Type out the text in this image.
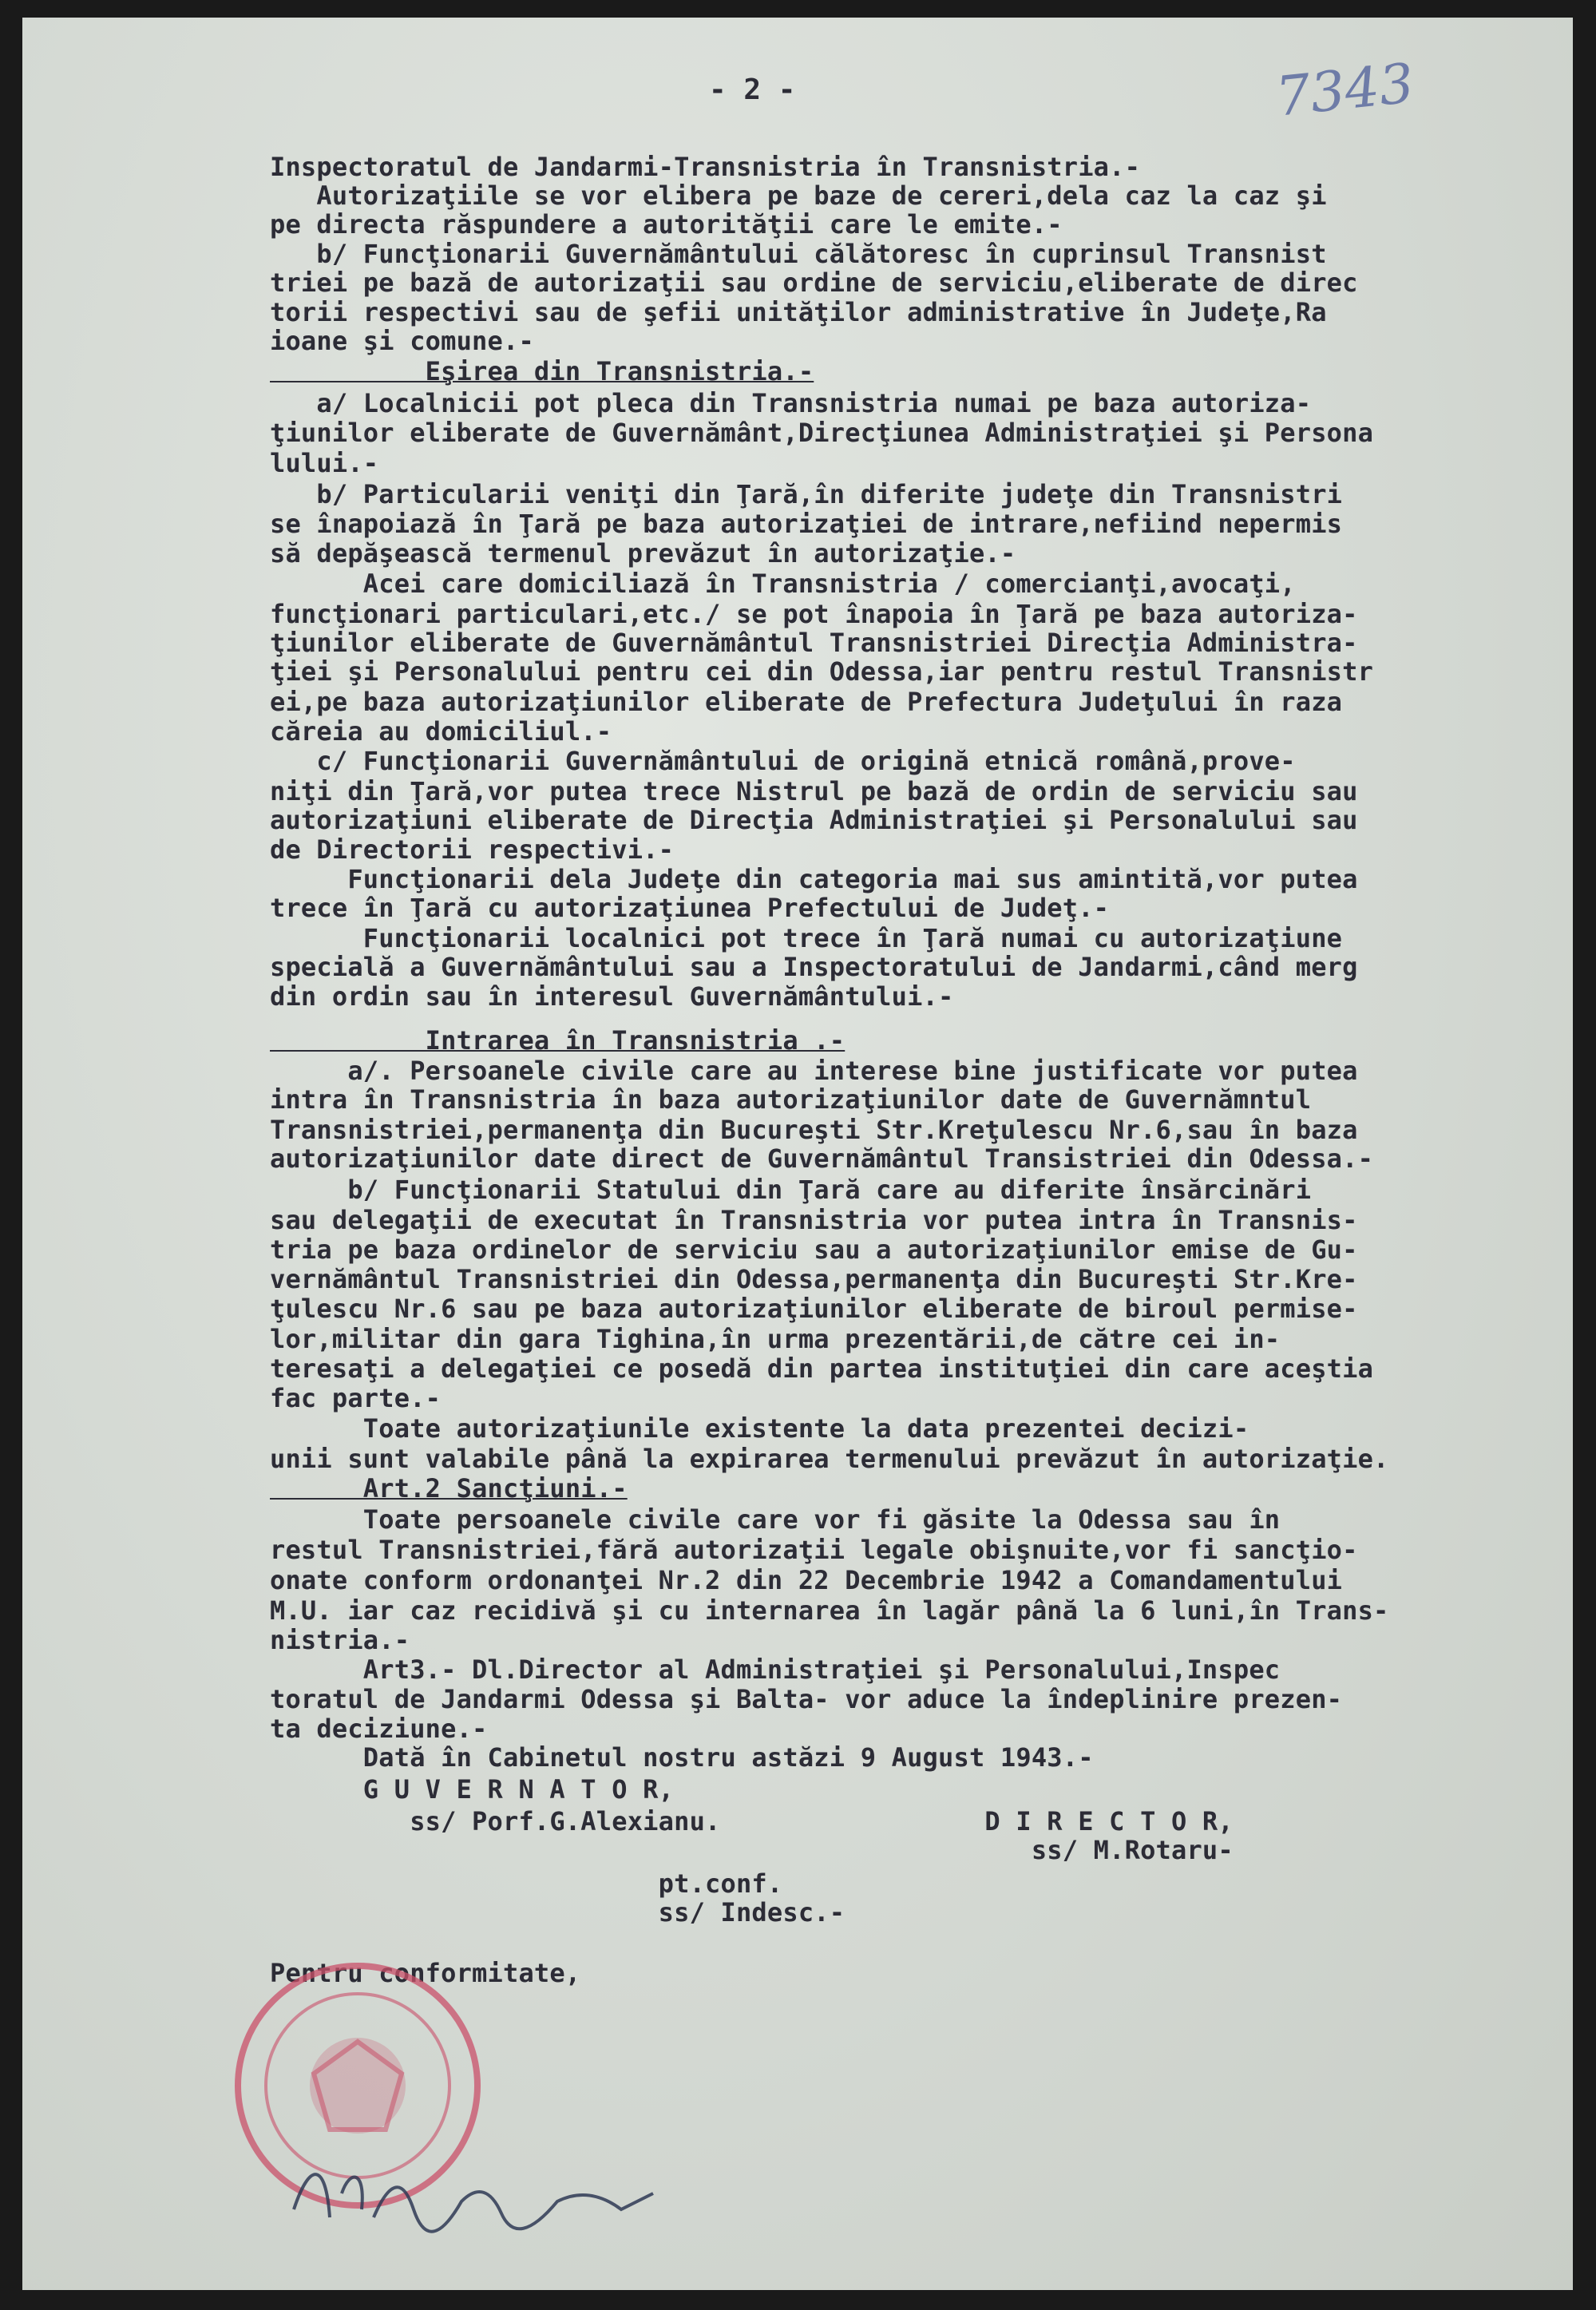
- 2 -	7343
Inspectoratul de Jandarmi-Transnistria în Transnistria.-
Autorizaţiile se vor elibera pe baze de cereri,dela caz la caz şi
pe directa răspundere a autorităţii care le emite.-
b/ Funcţionarii Guvernământului călătoresc în cuprinsul Transnist
triei pe bază de autorizaţii sau ordine de serviciu,eliberate de direc
torii respectivi sau de şefii unităţilor administrative în Judeţe,Ra
ioane şi comune.-
Eşirea din Transnistria.-
a/ Localnicii pot pleca din Transnistria numai pe baza autoriza-
ţiunilor eliberate de Guvernământ,Direcţiunea Administraţiei şi Persona
lului.-
b/ Particularii veniţi din Ţară,în diferite judeţe din Transnistri
se înapoiază în Ţară pe baza autorizaţiei de intrare,nefiind nepermis
să depăşească termenul prevăzut în autorizaţie.-
Acei care domiciliază în Transnistria / comercianţi,avocaţi,
funcţionari particulari,etc./ se pot înapoia în Ţară pe baza autoriza-
ţiunilor eliberate de Guvernământul Transnistriei Direcţia Administra-
ţiei şi Personalului pentru cei din Odessa,iar pentru restul Transnistr
ei,pe baza autorizaţiunilor eliberate de Prefectura Judeţului în raza
căreia au domiciliul.-
c/ Funcţionarii Guvernământului de origină etnică română,prove-
niţi din Ţară,vor putea trece Nistrul pe bază de ordin de serviciu sau
autorizaţiuni eliberate de Direcţia Administraţiei şi Personalului sau
de Directorii respectivi.-
Funcţionarii dela Judeţe din categoria mai sus amintită,vor putea
trece în Ţară cu autorizaţiunea Prefectului de Judeţ.-
Funcţionarii localnici pot trece în Ţară numai cu autorizaţiune
specială a Guvernământului sau a Inspectoratului de Jandarmi,când merg
din ordin sau în interesul Guvernământului.-
Intrarea în Transnistria .-
a/. Persoanele civile care au interese bine justificate vor putea
intra în Transnistria în baza autorizaţiunilor date de Guvernămntul
Transnistriei,permanenţa din Bucureşti Str.Kreţulescu Nr.6,sau în baza
autorizaţiunilor date direct de Guvernământul Transistriei din Odessa.-
b/ Funcţionarii Statului din Ţară care au diferite însărcinări
sau delegaţii de executat în Transnistria vor putea intra în Transnis-
tria pe baza ordinelor de serviciu sau a autorizaţiunilor emise de Gu-
vernământul Transnistriei din Odessa,permanenţa din Bucureşti Str.Kre-
ţulescu Nr.6 sau pe baza autorizaţiunilor eliberate de biroul permise-
lor,militar din gara Tighina,în urma prezentării,de către cei in-
teresaţi a delegaţiei ce posedă din partea instituţiei din care aceştia
fac parte.-
Toate autorizaţiunile existente la data prezentei decizi-
unii sunt valabile până la expirarea termenului prevăzut în autorizaţie.
Art.2 Sancţiuni.-
Toate persoanele civile care vor fi găsite la Odessa sau în
restul Transnistriei,fără autorizaţii legale obişnuite,vor fi sancţio-
onate conform ordonanţei Nr.2 din 22 Decembrie 1942 a Comandamentului
M.U. iar caz recidivă şi cu internarea în lagăr până la 6 luni,în Trans-
nistria.-
Art3.- Dl.Director al Administraţiei şi Personalului,Inspec
toratul de Jandarmi Odessa şi Balta- vor aduce la îndeplinire prezen-
ta deciziune.-
Dată în Cabinetul nostru astăzi 9 August 1943.-
G U V E R N A T O R,
ss/ Porf.G.Alexianu.                 D I R E C T O R,
ss/ M.Rotaru-
pt.conf.
ss/ Indesc.-
Pentru conformitate,
